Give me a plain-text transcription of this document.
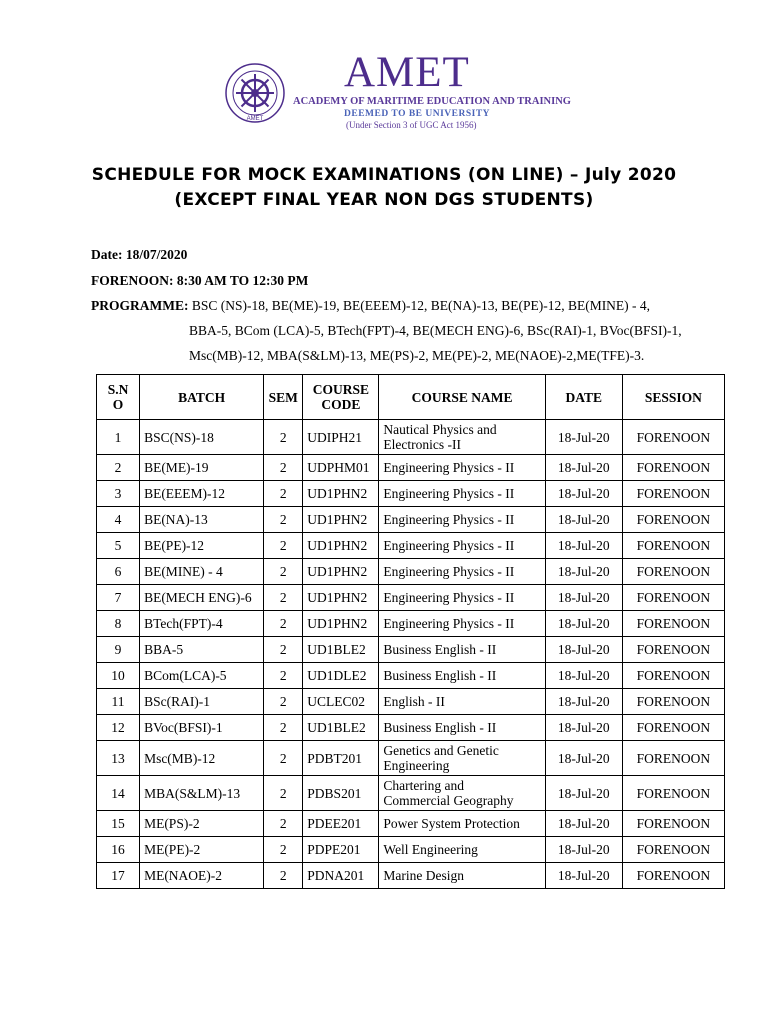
AMET
AMET
ACADEMY OF MARITIME EDUCATION AND TRAINING
DEEMED TO BE UNIVERSITY
(Under Section 3 of UGC Act 1956)
SCHEDULE FOR MOCK EXAMINATIONS (ON LINE) – July 2020
(EXCEPT FINAL YEAR NON DGS STUDENTS)
Date: 18/07/2020
FORENOON: 8:30 AM TO 12:30 PM
PROGRAMME: BSC (NS)-18, BE(ME)-19, BE(EEEM)-12, BE(NA)-13, BE(PE)-12, BE(MINE) - 4,
BBA-5, BCom (LCA)-5, BTech(FPT)-4, BE(MECH ENG)-6, BSc(RAI)-1, BVoc(BFSI)-1,
Msc(MB)-12, MBA(S&LM)-13, ME(PS)-2, ME(PE)-2, ME(NAOE)-2,ME(TFE)-3.
S.N
O	BATCH	SEM	COURSE
CODE	COURSE NAME	DATE	SESSION
1	BSC(NS)-18	2	UDIPH21	Nautical Physics and
Electronics -II	18-Jul-20	FORENOON
2	BE(ME)-19	2	UDPHM01	Engineering Physics - II	18-Jul-20	FORENOON
3	BE(EEEM)-12	2	UD1PHN2	Engineering Physics - II	18-Jul-20	FORENOON
4	BE(NA)-13	2	UD1PHN2	Engineering Physics - II	18-Jul-20	FORENOON
5	BE(PE)-12	2	UD1PHN2	Engineering Physics - II	18-Jul-20	FORENOON
6	BE(MINE) - 4	2	UD1PHN2	Engineering Physics - II	18-Jul-20	FORENOON
7	BE(MECH ENG)-6	2	UD1PHN2	Engineering Physics - II	18-Jul-20	FORENOON
8	BTech(FPT)-4	2	UD1PHN2	Engineering Physics - II	18-Jul-20	FORENOON
9	BBA-5	2	UD1BLE2	Business English - II	18-Jul-20	FORENOON
10	BCom(LCA)-5	2	UD1DLE2	Business English - II	18-Jul-20	FORENOON
11	BSc(RAI)-1	2	UCLEC02	English - II	18-Jul-20	FORENOON
12	BVoc(BFSI)-1	2	UD1BLE2	Business English - II	18-Jul-20	FORENOON
13	Msc(MB)-12	2	PDBT201	Genetics and Genetic
Engineering	18-Jul-20	FORENOON
14	MBA(S&LM)-13	2	PDBS201	Chartering and
Commercial Geography	18-Jul-20	FORENOON
15	ME(PS)-2	2	PDEE201	Power System Protection	18-Jul-20	FORENOON
16	ME(PE)-2	2	PDPE201	Well Engineering	18-Jul-20	FORENOON
17	ME(NAOE)-2	2	PDNA201	Marine Design	18-Jul-20	FORENOON
